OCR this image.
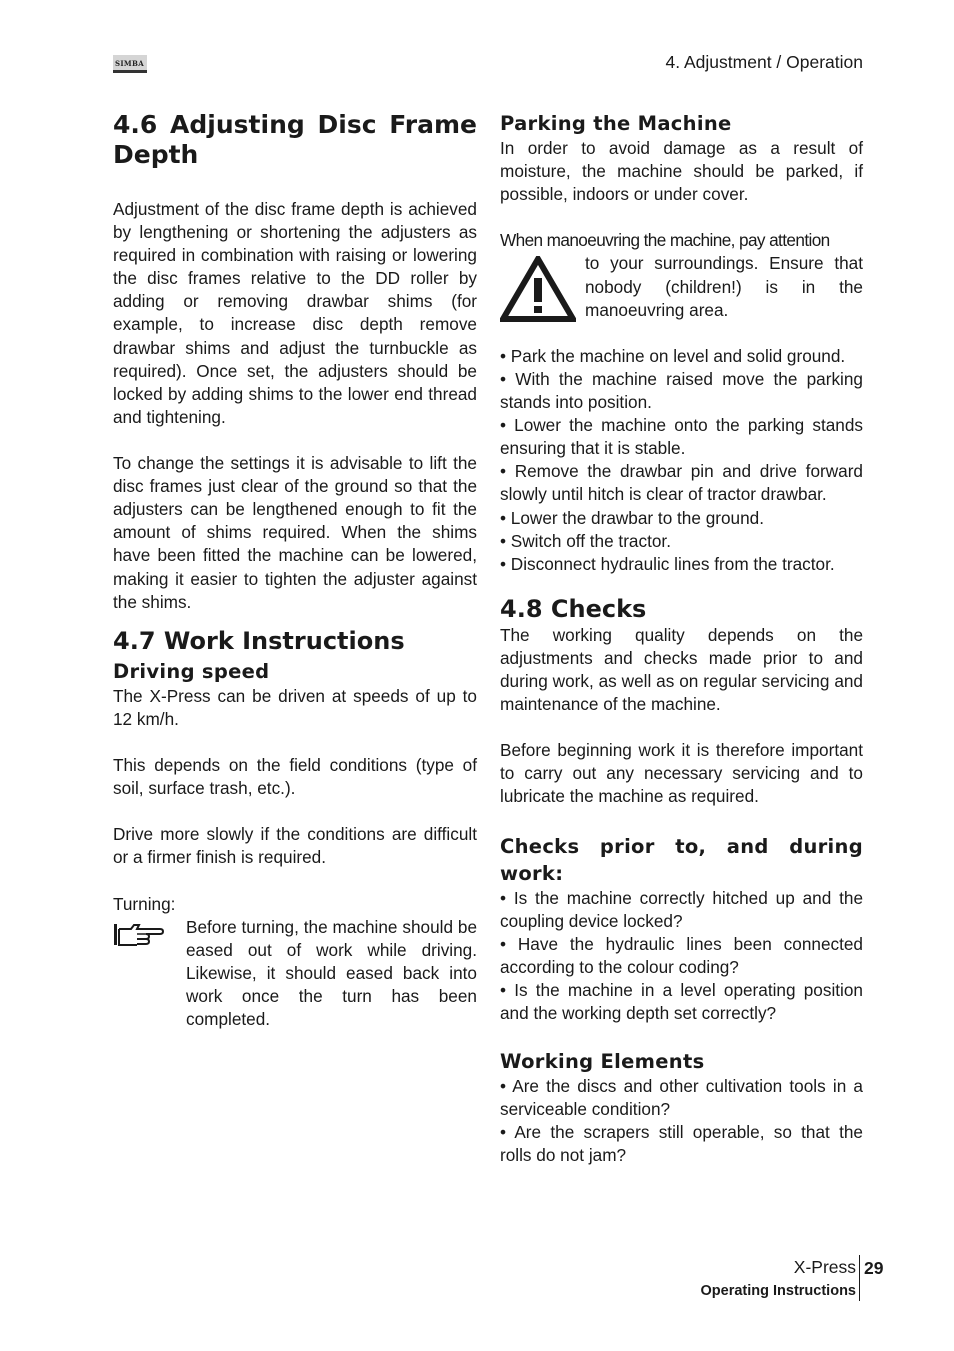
SIMBA	4. Adjustment / Operation
4.6 Adjusting Disc Frame Depth

Adjustment of the disc frame depth is achieved by lengthening or shortening the adjusters as required in combination with raising or lowering the disc frames relative to the DD roller by adding or removing drawbar shims (for example, to increase disc depth remove drawbar shims and adjust the turnbuckle as required). Once set, the adjusters should be locked by adding shims to the lower end thread and tightening.

To change the settings it is advisable to lift the disc frames just clear of the ground so that the adjusters can be lengthened enough to fit the amount of shims required. When the shims have been fitted the machine can be lowered, making it easier to tighten the adjuster against the shims.

4.7 Work Instructions
Driving speed

The X-Press can be driven at speeds of up to 12 km/h.

This depends on the field conditions (type of soil, surface trash, etc.).

Drive more slowly if the conditions are difficult or a firmer finish is required.

Turning:

Before turning, the machine should be eased out of work while driving. Likewise, it should eased back into work once the turn has been completed.

Parking the Machine

In order to avoid damage as a result of moisture, the machine should be parked, if possible, indoors or under cover.

When manoeuvring the machine, pay attention

to your surroundings. Ensure that nobody (children!) is in the manoeuvring area.

• Park the machine on level and solid ground.

• With the machine raised move the parking stands into position.

• Lower the machine onto the parking stands ensuring that it is stable.

• Remove the drawbar pin and drive forward slowly until hitch is clear of tractor drawbar.

• Lower the drawbar to the ground.

• Switch off the tractor.

• Disconnect hydraulic lines from the tractor.

4.8 Checks

The working quality depends on the adjustments and checks made prior to and during work, as well as on regular servicing and maintenance of the machine.

Before beginning work it is therefore important to carry out any necessary servicing and to lubricate the machine as required.

Checks prior to, and during work:

• Is the machine correctly hitched up and the coupling device locked?

• Have the hydraulic lines been connected according to the colour coding?

• Is the machine in a level operating position and the working depth set correctly?

Working Elements

• Are the discs and other cultivation tools in a serviceable condition?

• Are the scrapers still operable, so that the rolls do not jam?

X-Press
Operating Instructions
29
